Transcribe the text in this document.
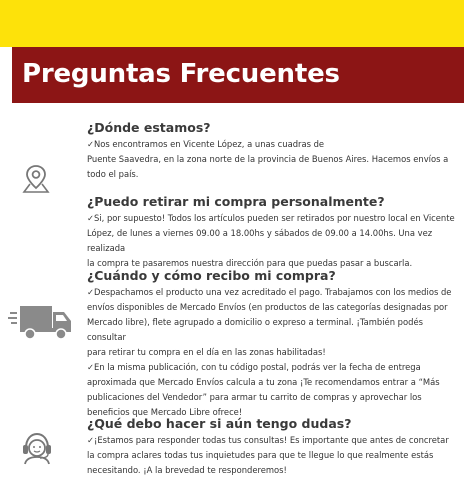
Preguntas Frecuentes
¿Dónde estamos?
✓Nos encontramos en Vicente López, a unas cuadras de
Puente Saavedra, en la zona norte de la provincia de Buenos Aires. Hacemos envíos a
todo el país.
¿Puedo retirar mi compra personalmente?
✓Si, por supuesto! Todos los artículos pueden ser retirados por nuestro local en Vicente
López, de lunes a viernes 09.00 a 18.00hs y sábados de 09.00 a 14.00hs. Una vez realizada
la compra te pasaremos nuestra dirección para que puedas pasar a buscarla.
¿Cuándo y cómo recibo mi compra?
✓Despachamos el producto una vez acreditado el pago. Trabajamos con los medios de
envíos disponibles de Mercado Envíos (en productos de las categorías designadas por
Mercado libre), flete agrupado a domicilio o expreso a terminal. ¡También podés consultar
para retirar tu compra en el día en las zonas habilitadas!
✓En la misma publicación, con tu código postal, podrás ver la fecha de entrega
aproximada que Mercado Envíos calcula a tu zona ¡Te recomendamos entrar a “Más
publicaciones del Vendedor” para armar tu carrito de compras y aprovechar los
beneficios que Mercado Libre ofrece!
¿Qué debo hacer si aún tengo dudas?
✓¡Estamos para responder todas tus consultas! Es importante que antes de concretar
la compra aclares todas tus inquietudes para que te llegue lo que realmente estás
necesitando. ¡A la brevedad te responderemos!
